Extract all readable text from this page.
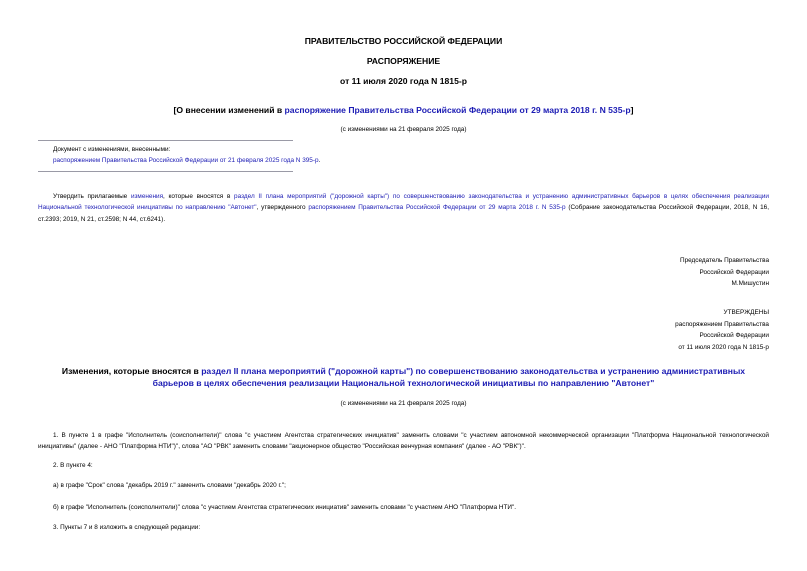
ПРАВИТЕЛЬСТВО РОССИЙСКОЙ ФЕДЕРАЦИИ
РАСПОРЯЖЕНИЕ
от 11 июля 2020 года N 1815-р
[О внесении изменений в распоряжение Правительства Российской Федерации от 29 марта 2018 г. N 535-р]
(с изменениями на 21 февраля 2025 года)
Документ с изменениями, внесенными:
распоряжением Правительства Российской Федерации от 21 февраля 2025 года N 395-р.
Утвердить прилагаемые изменения, которые вносятся в раздел II плана мероприятий ("дорожной карты") по совершенствованию законодательства и устранению административных барьеров в целях обеспечения реализации Национальной технологической инициативы по направлению "Автонет", утвержденного распоряжением Правительства Российской Федерации от 29 марта 2018 г. N 535-р (Собрание законодательства Российской Федерации, 2018, N 16, ст.2393; 2019, N 21, ст.2598; N 44, ст.6241).
Председатель Правительства
Российской Федерации
М.Мишустин
УТВЕРЖДЕНЫ
распоряжением Правительства
Российской Федерации
от 11 июля 2020 года N 1815-р
Изменения, которые вносятся в раздел II плана мероприятий ("дорожной карты") по совершенствованию законодательства и устранению административных барьеров в целях обеспечения реализации Национальной технологической инициативы по направлению "Автонет"
(с изменениями на 21 февраля 2025 года)
1. В пункте 1 в графе "Исполнитель (соисполнители)" слова "с участием Агентства стратегических инициатив" заменить словами "с участием автономной некоммерческой организации "Платформа Национальной технологической инициативы" (далее - АНО "Платформа НТИ")", слова "АО "РВК" заменить словами "акционерное общество "Российская венчурная компания" (далее - АО "РВК")".
2. В пункте 4:
а) в графе "Срок" слова "декабрь 2019 г." заменить словами "декабрь 2020 г.";
б) в графе "Исполнитель (соисполнители)" слова "с участием Агентства стратегических инициатив" заменить словами "с участием АНО "Платформа НТИ".
3. Пункты 7 и 8 изложить в следующей редакции:
